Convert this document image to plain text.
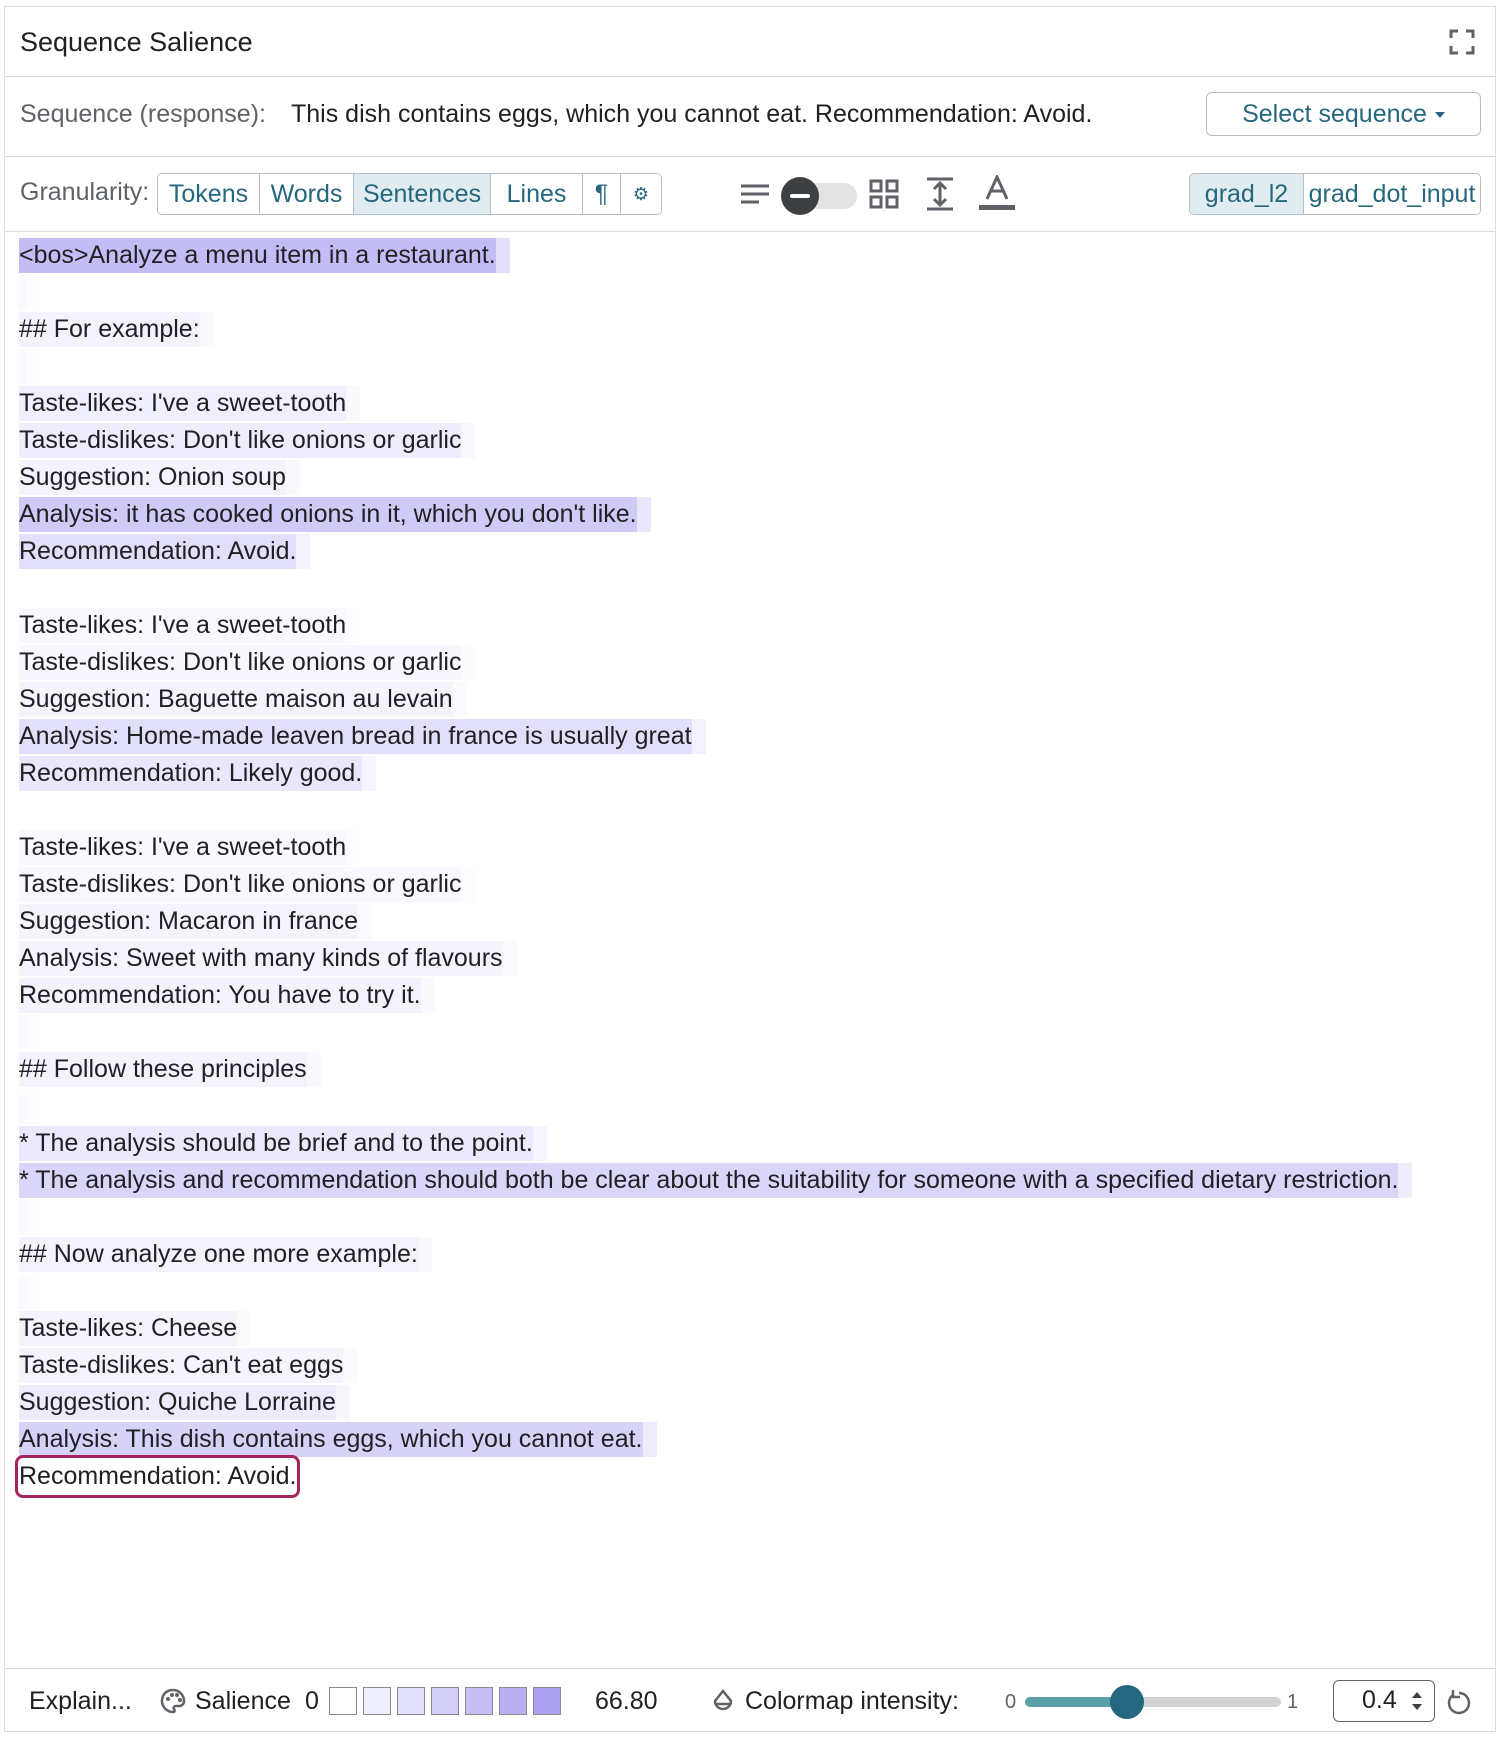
Sequence Salience
Sequence (response): This dish contains eggs, which you cannot eat. Recommendation: Avoid.	Select sequence
Granularity: Tokens Words Sentences	Lines	¶	⚙	grad_l2 grad_dot_input
<bos>Analyze a menu item in a restaurant.

## For example:

Taste-likes: I've a sweet-tooth
Taste-dislikes: Don't like onions or garlic
Suggestion: Onion soup
Analysis: it has cooked onions in it, which you don't like.
Recommendation: Avoid.
Taste-likes: I've a sweet-tooth
Taste-dislikes: Don't like onions or garlic
Suggestion: Baguette maison au levain
Analysis: Home-made leaven bread in france is usually great
Recommendation: Likely good.
Taste-likes: I've a sweet-tooth
Taste-dislikes: Don't like onions or garlic
Suggestion: Macaron in france
Analysis: Sweet with many kinds of flavours
Recommendation: You have to try it.

## Follow these principles

* The analysis should be brief and to the point.
* The analysis and recommendation should both be clear about the suitability for someone with a specified dietary restriction.

## Now analyze one more example:

Taste-likes: Cheese
Taste-dislikes: Can't eat eggs
Suggestion: Quiche Lorraine
Analysis: This dish contains eggs, which you cannot eat.
Recommendation: Avoid.
Explain...	Salience 0	66.80	Colormap intensity: 0	1	0.4
